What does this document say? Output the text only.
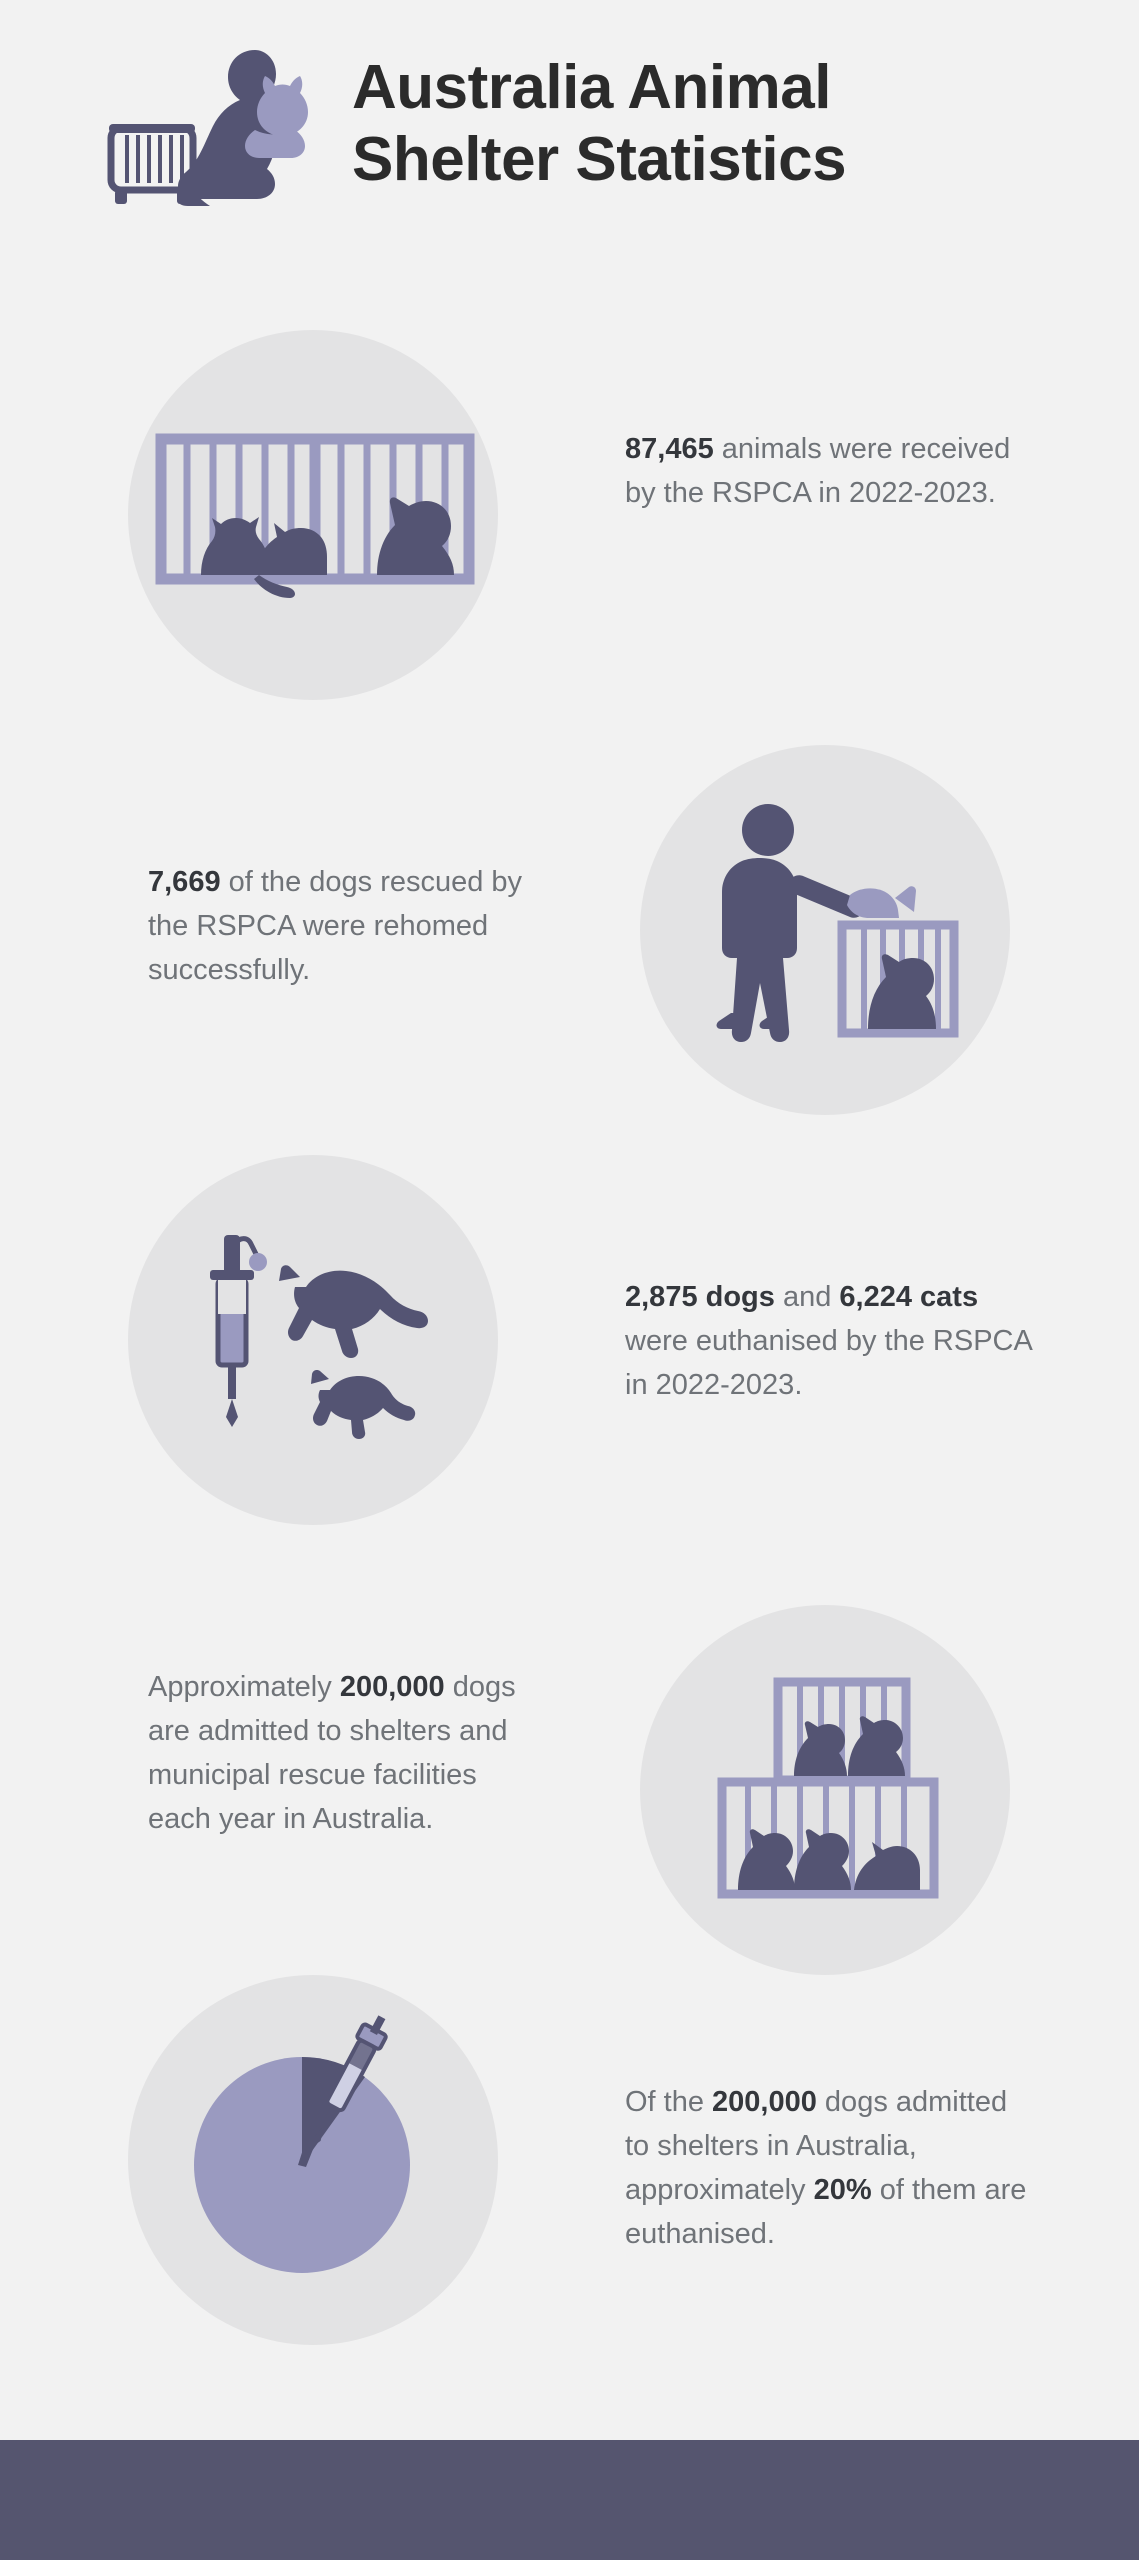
Australia Animal
Shelter Statistics
87,465 animals were received by the RSPCA in 2022-2023.
7,669 of the dogs rescued by the RSPCA were rehomed successfully.
2,875 dogs and 6,224 cats were euthanised by the RSPCA in 2022-2023.
Approximately 200,000 dogs are admitted to shelters and municipal rescue facilities each year in Australia.
Of the 200,000 dogs admitted to shelters in Australia, approximately 20% of them are euthanised.
